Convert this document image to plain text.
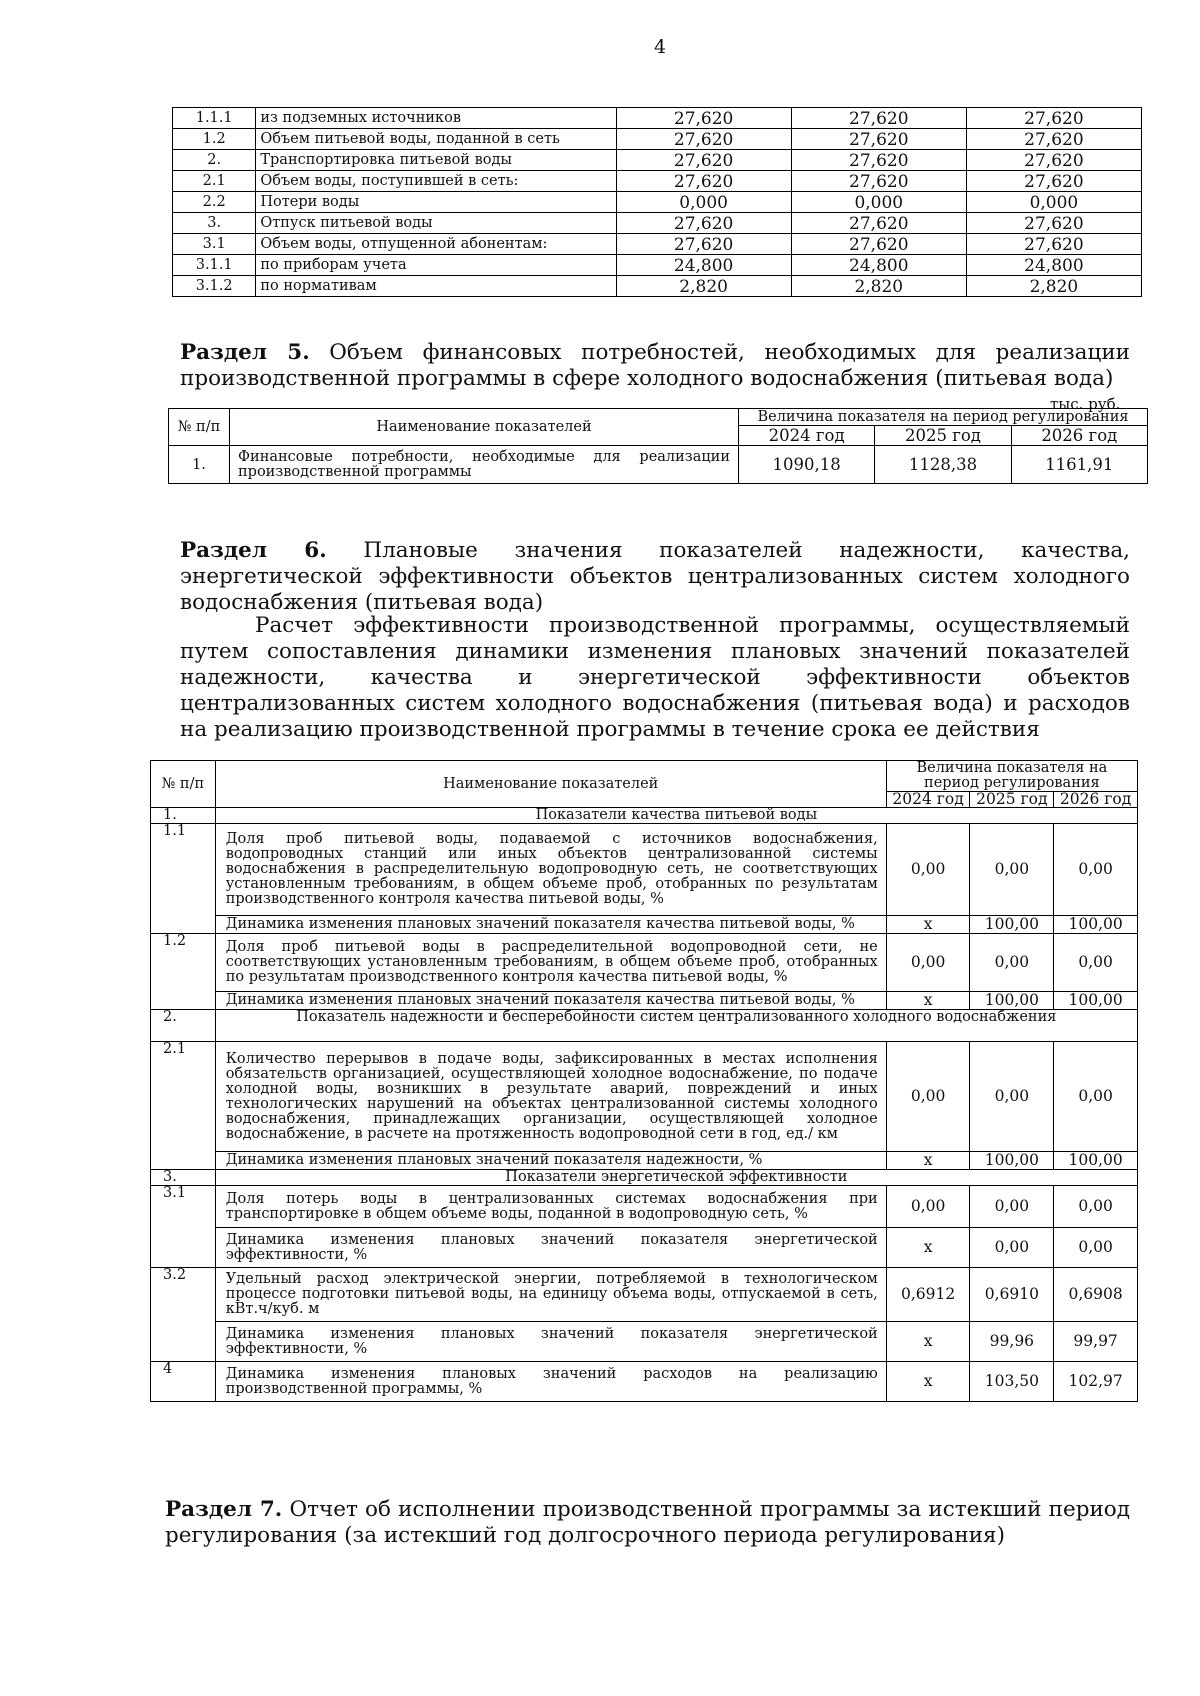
4
1.1.1	из подземных источников	27,620	27,620	27,620
1.2	Объем питьевой воды, поданной в сеть	27,620	27,620	27,620
2.	Транспортировка питьевой воды	27,620	27,620	27,620
2.1	Объем воды, поступившей в сеть:	27,620	27,620	27,620
2.2	Потери воды	0,000	0,000	0,000
3.	Отпуск питьевой воды	27,620	27,620	27,620
3.1	Объем воды, отпущенной абонентам:	27,620	27,620	27,620
3.1.1	по приборам учета	24,800	24,800	24,800
3.1.2	по нормативам	2,820	2,820	2,820
Раздел 5. Объем финансовых потребностей, необходимых для реализации производственной программы в сфере холодного водоснабжения (питьевая вода)
тыс. руб.
№ п/п	Наименование показателей	Величина показателя на период регулирования		
		2024 год	2025 год	2026 год
1.	Финансовые потребности, необходимые для реализации производственной программы	1090,18	1128,38	1161,91
Раздел 6. Плановые значения показателей надежности, качества, энергетической эффективности объектов централизованных систем холодного водоснабжения (питьевая вода)
Расчет эффективности производственной программы, осуществляемый путем сопоставления динамики изменения плановых значений показателей надежности, качества и энергетической эффективности объектов централизованных систем холодного водоснабжения (питьевая вода) и расходов на реализацию производственной программы в течение срока ее действия
№ п/п	Наименование показателей	Величина показателя на период регулирования		
		2024 год	2025 год	2026 год
1.	Показатели качества питьевой воды			
1.1	Доля проб питьевой воды, подаваемой с источников водоснабжения, водопроводных станций или иных объектов централизованной системы водоснабжения в распределительную водопроводную сеть, не соответствующих установленным требованиям, в общем объеме проб, отобранных по результатам производственного контроля качества питьевой воды, %	0,00	0,00	0,00
	Динамика изменения плановых значений показателя качества питьевой воды, %	х	100,00	100,00
1.2	Доля проб питьевой воды в распределительной водопроводной сети, не соответствующих установленным требованиям, в общем объеме проб, отобранных по результатам производственного контроля качества питьевой воды, %	0,00	0,00	0,00
	Динамика изменения плановых значений показателя качества питьевой воды, %	х	100,00	100,00
2.	Показатель надежности и бесперебойности систем централизованного холодного водоснабжения			
2.1	Количество перерывов в подаче воды, зафиксированных в местах исполнения обязательств организацией, осуществляющей холодное водоснабжение, по подаче холодной воды, возникших в результате аварий, повреждений и иных технологических нарушений на объектах централизованной системы холодного водоснабжения, принадлежащих организации, осуществляющей холодное водоснабжение, в расчете на протяженность водопроводной сети в год, ед./ км	0,00	0,00	0,00
	Динамика изменения плановых значений показателя надежности, %	х	100,00	100,00
3.	Показатели энергетической эффективности			
3.1	Доля потерь воды в централизованных системах водоснабжения при транспортировке в общем объеме воды, поданной в водопроводную сеть, %	0,00	0,00	0,00
	Динамика изменения плановых значений показателя энергетической эффективности, %	х	0,00	0,00
3.2	Удельный расход электрической энергии, потребляемой в технологическом процессе подготовки питьевой воды, на единицу объема воды, отпускаемой в сеть, кВт.ч/куб. м	0,6912	0,6910	0,6908
	Динамика изменения плановых значений показателя энергетической эффективности, %	х	99,96	99,97
4	Динамика изменения плановых значений расходов на реализацию производственной программы, %	х	103,50	102,97
Раздел 7. Отчет об исполнении производственной программы за истекший период регулирования (за истекший год долгосрочного периода регулирования)
